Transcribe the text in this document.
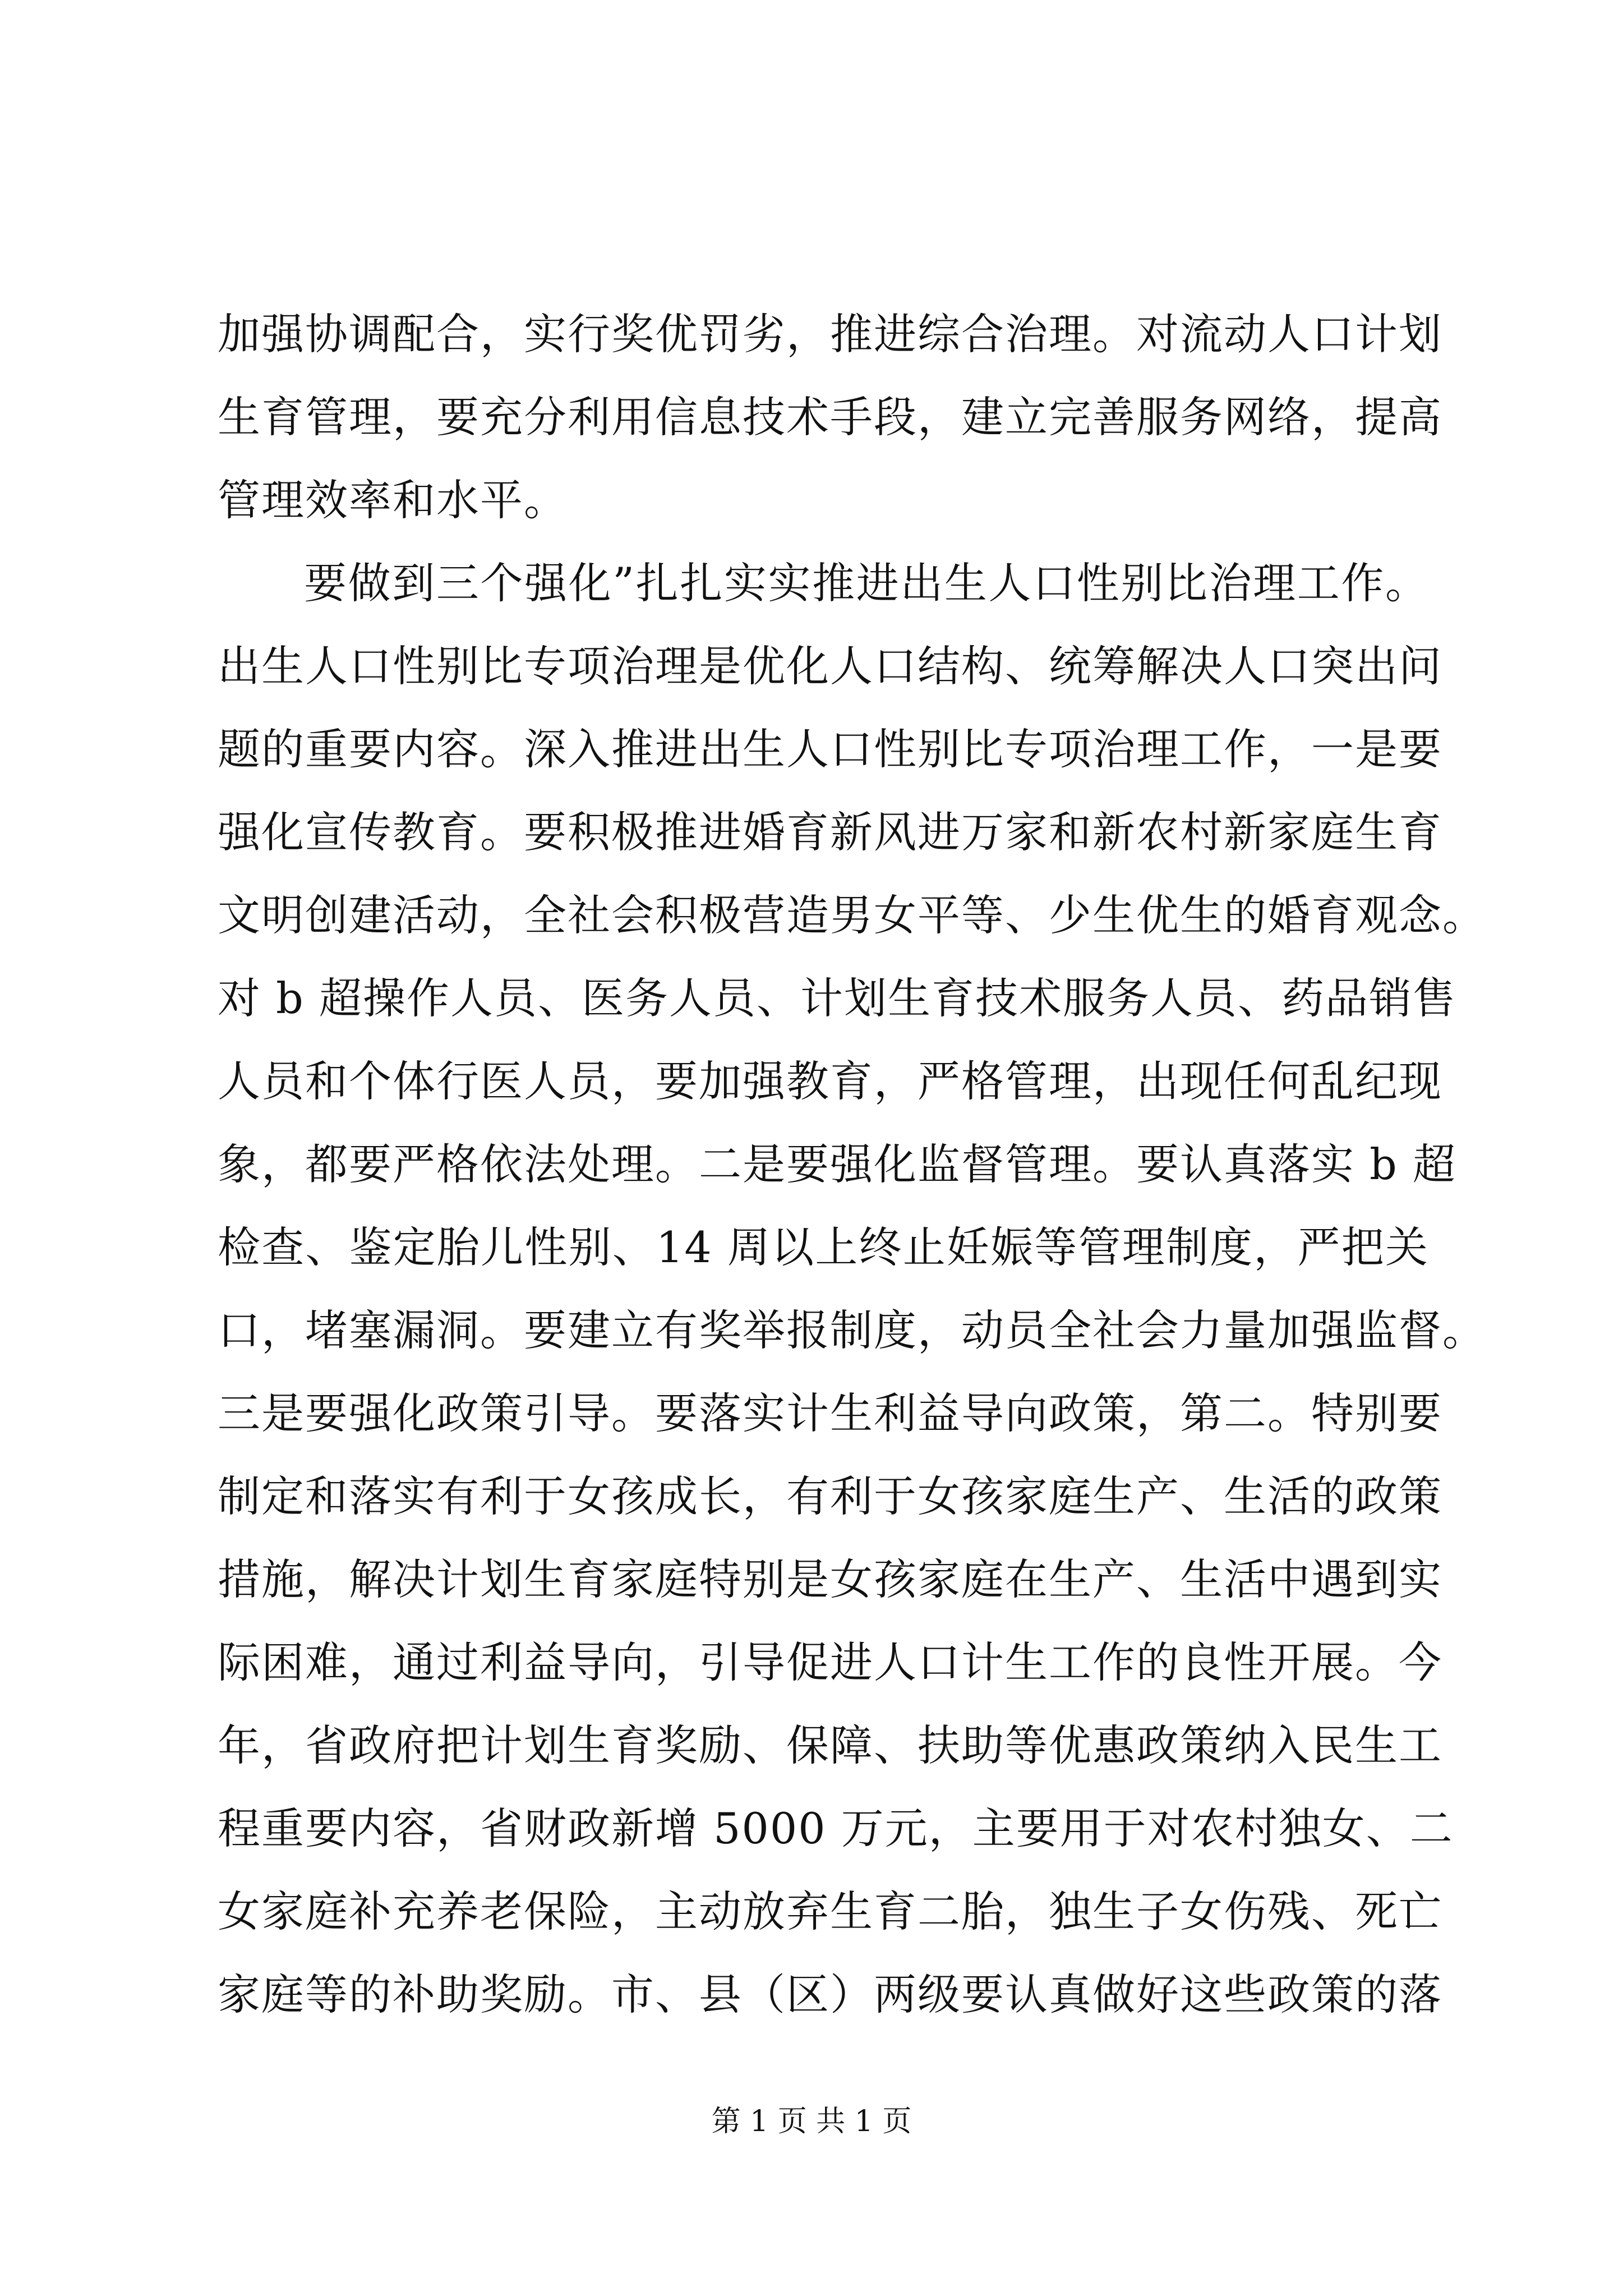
加强协调配合，实行奖优罚劣，推进综合治理。对流动人口计划
生育管理，要充分利用信息技术手段，建立完善服务网络，提高
管理效率和水平。
要做到三个强化”扎扎实实推进出生人口性别比治理工作。
出生人口性别比专项治理是优化人口结构、统筹解决人口突出问
题的重要内容。深入推进出生人口性别比专项治理工作，一是要
强化宣传教育。要积极推进婚育新风进万家和新农村新家庭生育
文明创建活动，全社会积极营造男女平等、少生优生的婚育观念。
对 b 超操作人员、医务人员、计划生育技术服务人员、药品销售
人员和个体行医人员，要加强教育，严格管理，出现任何乱纪现
象，都要严格依法处理。二是要强化监督管理。要认真落实 b 超
检查、鉴定胎儿性别、14 周以上终止妊娠等管理制度，严把关
口，堵塞漏洞。要建立有奖举报制度，动员全社会力量加强监督。
三是要强化政策引导。要落实计生利益导向政策，第二。特别要
制定和落实有利于女孩成长，有利于女孩家庭生产、生活的政策
措施，解决计划生育家庭特别是女孩家庭在生产、生活中遇到实
际困难，通过利益导向，引导促进人口计生工作的良性开展。今
年，省政府把计划生育奖励、保障、扶助等优惠政策纳入民生工
程重要内容，省财政新增 5000 万元，主要用于对农村独女、二
女家庭补充养老保险，主动放弃生育二胎，独生子女伤残、死亡
家庭等的补助奖励。市、县（区）两级要认真做好这些政策的落
第 1 页 共 1 页
